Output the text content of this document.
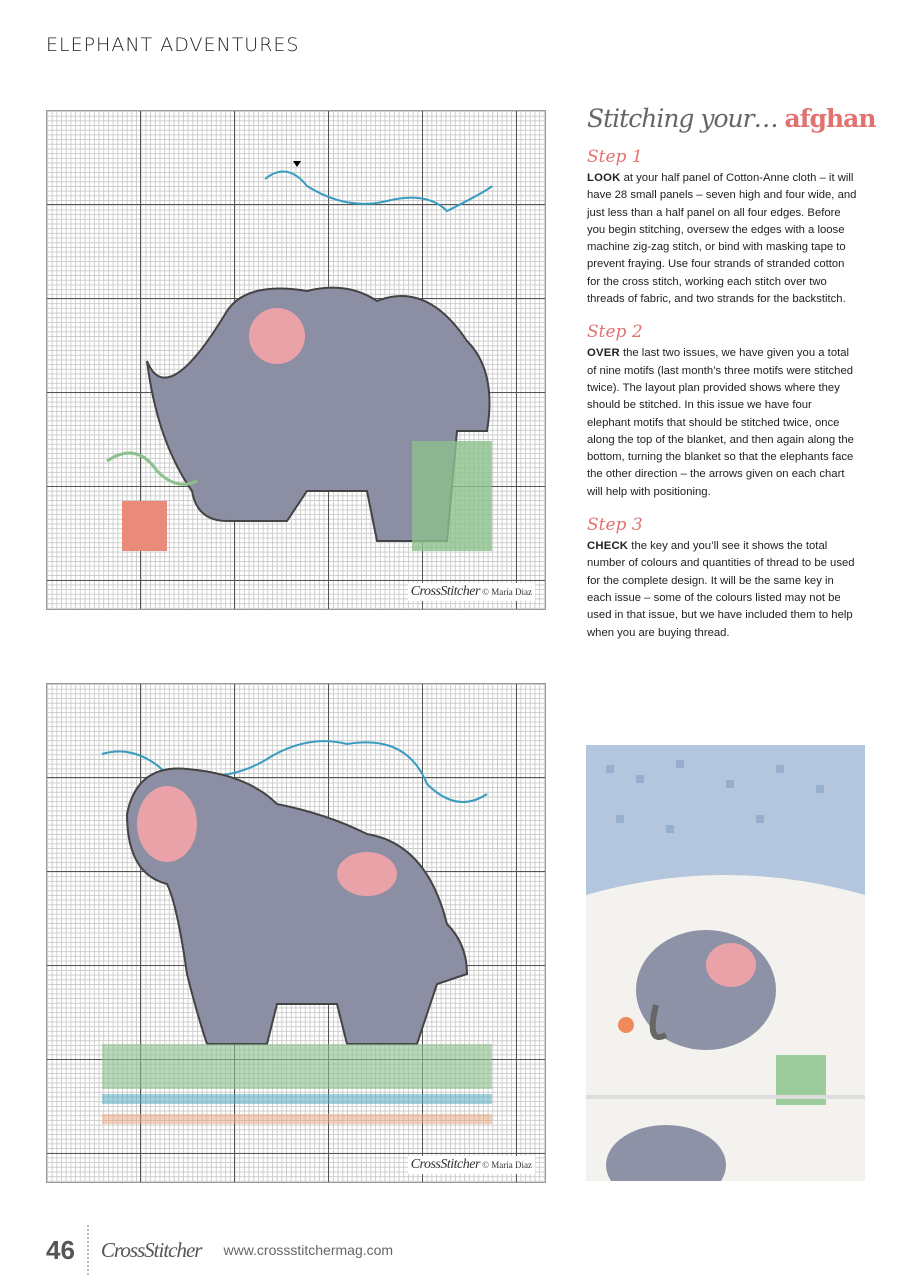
ELEPHANT ADVENTURES
CrossStitcher © Maria Diaz
CrossStitcher © Maria Diaz
Stitching your… afghan
Step 1

LOOK at your half panel of Cotton-Anne cloth – it will have 28 small panels – seven high and four wide, and just less than a half panel on all four edges. Before you begin stitching, oversew the edges with a loose machine zig-zag stitch, or bind with masking tape to prevent fraying. Use four strands of stranded cotton for the cross stitch, working each stitch over two threads of fabric, and two strands for the backstitch.

Step 2

OVER the last two issues, we have given you a total of nine motifs (last month’s three motifs were stitched twice). The layout plan provided shows where they should be stitched. In this issue we have four elephant motifs that should be stitched twice, once along the top of the blanket, and then again along the bottom, turning the blanket so that the elephants face the other direction – the arrows given on each chart will help with positioning.

Step 3

CHECK the key and you’ll see it shows the total number of colours and quantities of thread to be used for the complete design. It will be the same key in each issue – some of the colours listed may not be used in that issue, but we have included them to help when you are buying thread.

46 CrossStitcher www.crossstitchermag.com
